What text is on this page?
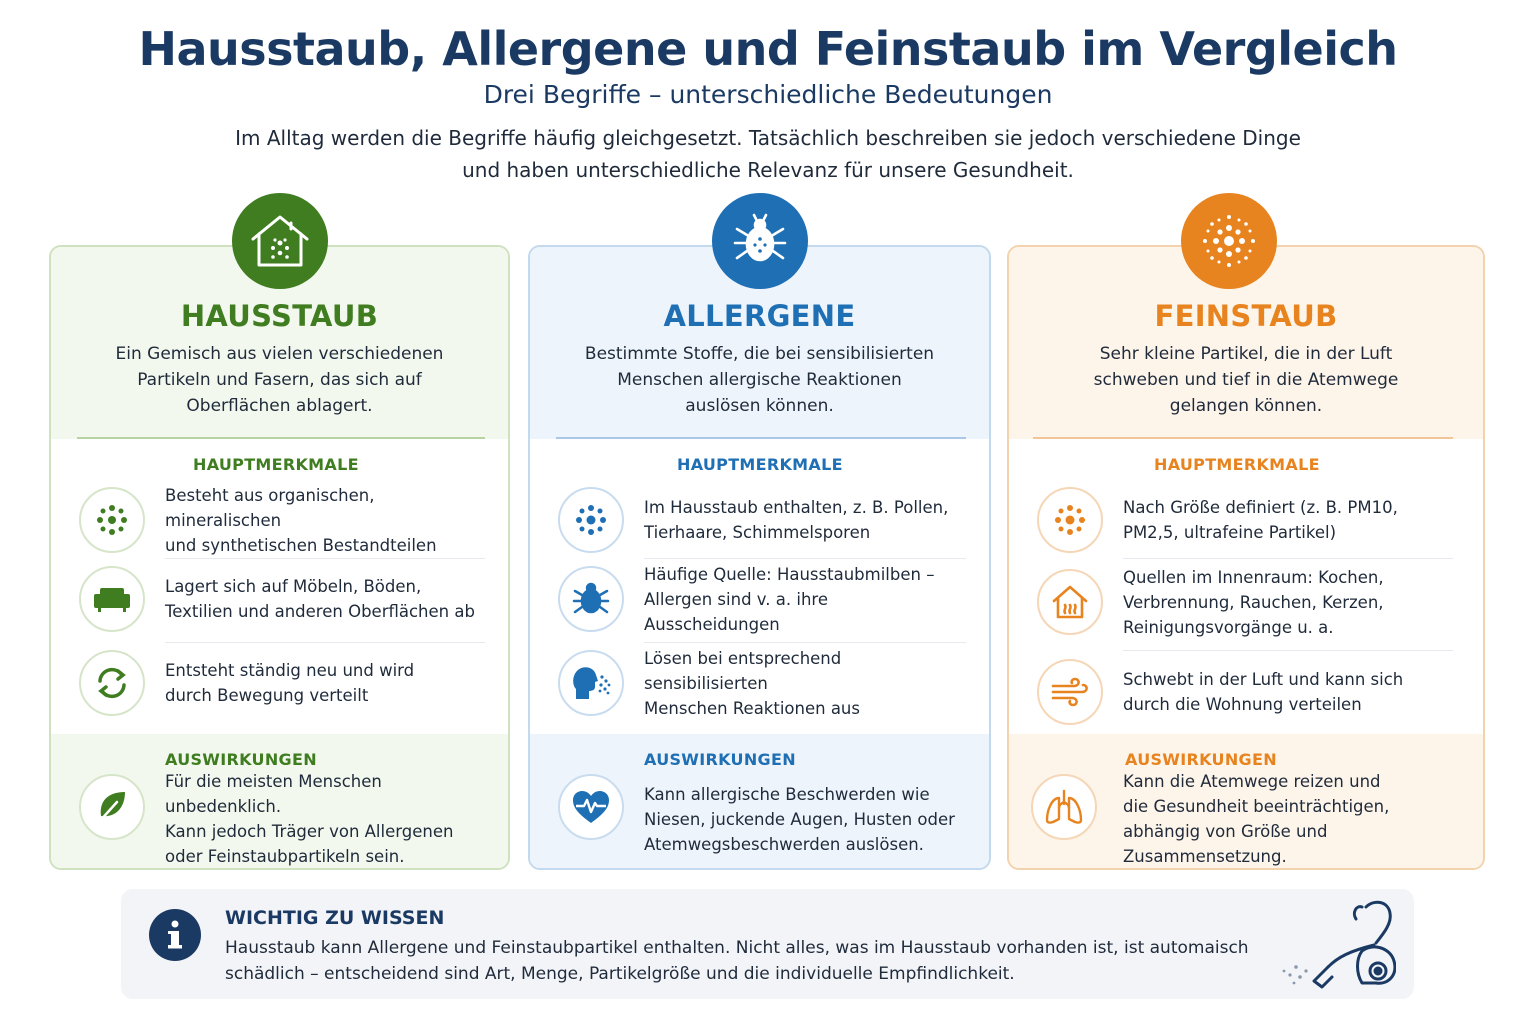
Hausstaub, Allergene und Feinstaub im Vergleich
Drei Begriffe – unterschiedliche Bedeutungen
Im Alltag werden die Begriffe häufig gleichgesetzt. Tatsächlich beschreiben sie jedoch verschiedene Dinge
und haben unterschiedliche Relevanz für unsere Gesundheit.
HAUSSTAUB
Ein Gemisch aus vielen verschiedenen
Partikeln und Fasern, das sich auf
Oberflächen ablagert.
HAUPTMERKMALE
Besteht aus organischen, mineralischen
und synthetischen Bestandteilen
Lagert sich auf Möbeln, Böden,
Textilien und anderen Oberflächen ab
Entsteht ständig neu und wird
durch Bewegung verteilt
AUSWIRKUNGEN
Für die meisten Menschen unbedenklich.
Kann jedoch Träger von Allergenen
oder Feinstaubpartikeln sein.
ALLERGENE
Bestimmte Stoffe, die bei sensibilisierten
Menschen allergische Reaktionen
auslösen können.
HAUPTMERKMALE
Im Hausstaub enthalten, z. B. Pollen,
Tierhaare, Schimmelsporen
Häufige Quelle: Hausstaubmilben –
Allergen sind v. a. ihre Ausscheidungen
Lösen bei entsprechend sensibilisierten
Menschen Reaktionen aus
AUSWIRKUNGEN
Kann allergische Beschwerden wie
Niesen, juckende Augen, Husten oder
Atemwegsbeschwerden auslösen.
FEINSTAUB
Sehr kleine Partikel, die in der Luft
schweben und tief in die Atemwege
gelangen können.
HAUPTMERKMALE
Nach Größe definiert (z. B. PM10,
PM2,5, ultrafeine Partikel)
Quellen im Innenraum: Kochen,
Verbrennung, Rauchen, Kerzen,
Reinigungsvorgänge u. a.
Schwebt in der Luft und kann sich
durch die Wohnung verteilen
AUSWIRKUNGEN
Kann die Atemwege reizen und
die Gesundheit beeinträchtigen,
abhängig von Größe und Zusammensetzung.
WICHTIG ZU WISSEN
Hausstaub kann Allergene und Feinstaubpartikel enthalten. Nicht alles, was im Hausstaub vorhanden ist, ist automaisch
schädlich – entscheidend sind Art, Menge, Partikelgröße und die individuelle Empfindlichkeit.
